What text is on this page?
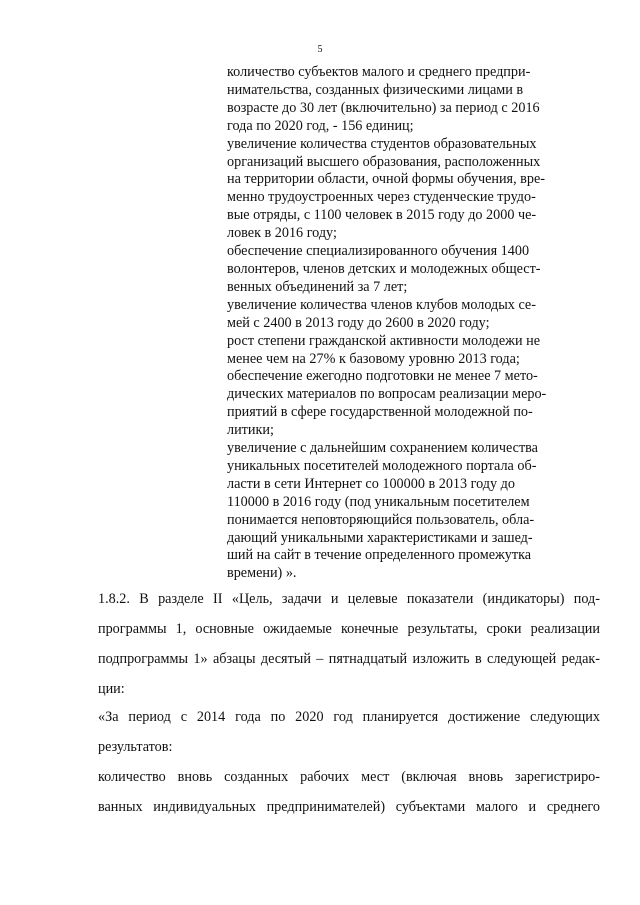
5
количество субъектов малого и среднего предпри-
нимательства, созданных физическими лицами в
возрасте до 30 лет (включительно) за период с 2016
года по 2020 год, - 156 единиц;
увеличение количества студентов образовательных
организаций высшего образования, расположенных
на территории области, очной формы обучения, вре-
менно трудоустроенных через студенческие трудо-
вые отряды, с 1100 человек в 2015 году до 2000 че-
ловек в 2016 году;
обеспечение специализированного обучения 1400
волонтеров, членов детских и молодежных общест-
венных объединений за 7 лет;
увеличение количества членов клубов молодых се-
мей с 2400 в 2013 году до 2600 в 2020 году;
рост степени гражданской активности молодежи не
менее чем на 27% к базовому уровню 2013 года;
обеспечение ежегодно подготовки не менее 7 мето-
дических материалов по вопросам реализации меро-
приятий в сфере государственной молодежной по-
литики;
увеличение с дальнейшим сохранением количества
уникальных посетителей молодежного портала об-
ласти в сети Интернет со 100000 в 2013 году до
110000 в 2016 году (под уникальным посетителем
понимается неповторяющийся пользователь, обла-
дающий уникальными характеристиками и зашед-
ший на сайт в течение определенного промежутка
времени) ».
1.8.2. В разделе II «Цель, задачи и целевые показатели (индикаторы) под-
программы 1, основные ожидаемые конечные результаты, сроки реализации
подпрограммы 1» абзацы десятый – пятнадцатый изложить в следующей редак-
ции:
«За период с 2014 года по 2020 год планируется достижение следующих
результатов:
количество вновь созданных рабочих мест (включая вновь зарегистриро-
ванных индивидуальных предпринимателей) субъектами малого и среднего
